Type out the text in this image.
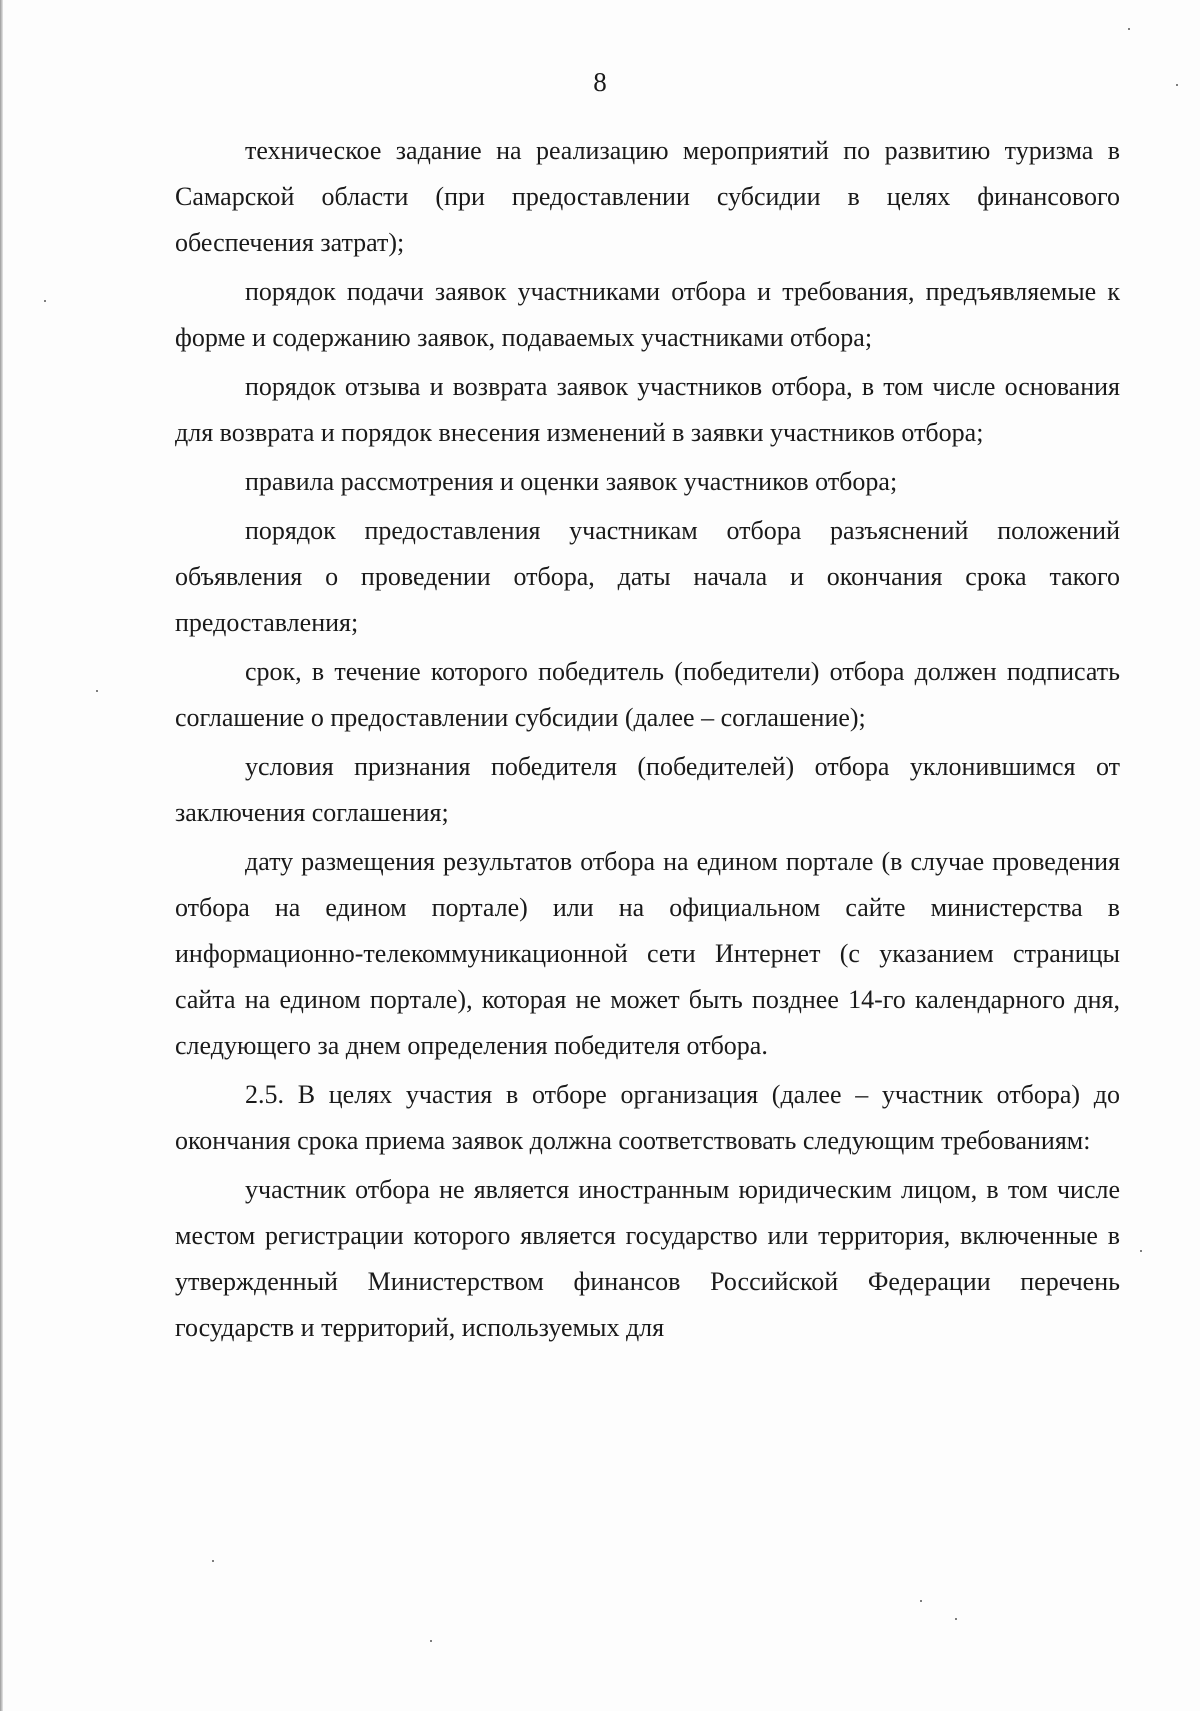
8

техническое задание на реализацию мероприятий по развитию туризма в Самарской области (при предоставлении субсидии в целях финансового обеспечения затрат);

порядок подачи заявок участниками отбора и требования, предъявляемые к форме и содержанию заявок, подаваемых участниками отбора;

порядок отзыва и возврата заявок участников отбора, в том числе основания для возврата и порядок внесения изменений в заявки участников отбора;

правила рассмотрения и оценки заявок участников отбора;

порядок предоставления участникам отбора разъяснений положений объявления о проведении отбора, даты начала и окончания срока такого предоставления;

срок, в течение которого победитель (победители) отбора должен подписать соглашение о предоставлении субсидии (далее – соглашение);

условия признания победителя (победителей) отбора уклонившимся от заключения соглашения;

дату размещения результатов отбора на едином портале (в случае проведения отбора на едином портале) или на официальном сайте министерства в информационно-телекоммуникационной сети Интернет (с указанием страницы сайта на едином портале), которая не может быть позднее 14-го календарного дня, следующего за днем определения победителя отбора.

2.5. В целях участия в отборе организация (далее – участник отбора) до окончания срока приема заявок должна соответствовать следующим требованиям:

участник отбора не является иностранным юридическим лицом, в том числе местом регистрации которого является государство или территория, включенные в утвержденный Министерством финансов Российской Федерации перечень государств и территорий, используемых для
